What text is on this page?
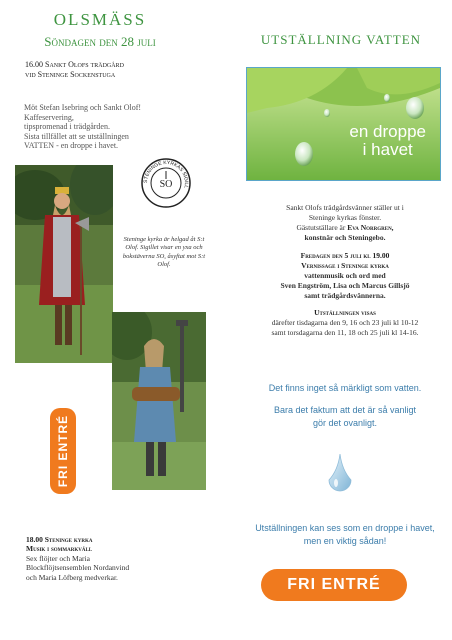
OLSMÄSS
Söndagen den 28 juli
16.00 Sankt Olofs trädgård
vid Steninge Sockenstuga
Möt Stefan Isebring och Sankt Olof!
Kaffeservering,
tipspromenad i trädgården.
Sista tillfället att se utställningen
VATTEN - en droppe i havet.
STENINGE KYRKAS SIGILL
SO
Steninge kyrka är helgad åt S:t Olof. Sigillet visar en yxa och bokstäverna SO, åsyftat mot S:t Olof.
FRI ENTRÉ
18.00 Steninge kyrka
Musik i sommarkväll
Sex flöjter och Maria
Blockflöjtsensemblen Nordanvind
och Maria Löfberg medverkar.
UTSTÄLLNING VATTEN
en droppe
i havet
Sankt Olofs trädgårdsvänner ställer ut i
Steninge kyrkas fönster.
Gästutställare är Eva Norrgren,
konstnär och Steningebo.
Fredagen den 5 juli kl 19.00
Vernissage i Steninge kyrka
vattenmusik och ord med
Sven Engström, Lisa och Marcus Gillsjö
samt trädgårdsvännerna.
Utställningen visas
därefter tisdagarna den 9, 16 och 23 juli kl 10-12
samt torsdagarna den 11, 18 och 25 juli kl 14-16.
Det finns inget så märkligt som vatten.
Bara det faktum att det är så vanligt
gör det ovanligt.
Utställningen kan ses som en droppe i havet,
men en viktig sådan!
FRI ENTRÉ
